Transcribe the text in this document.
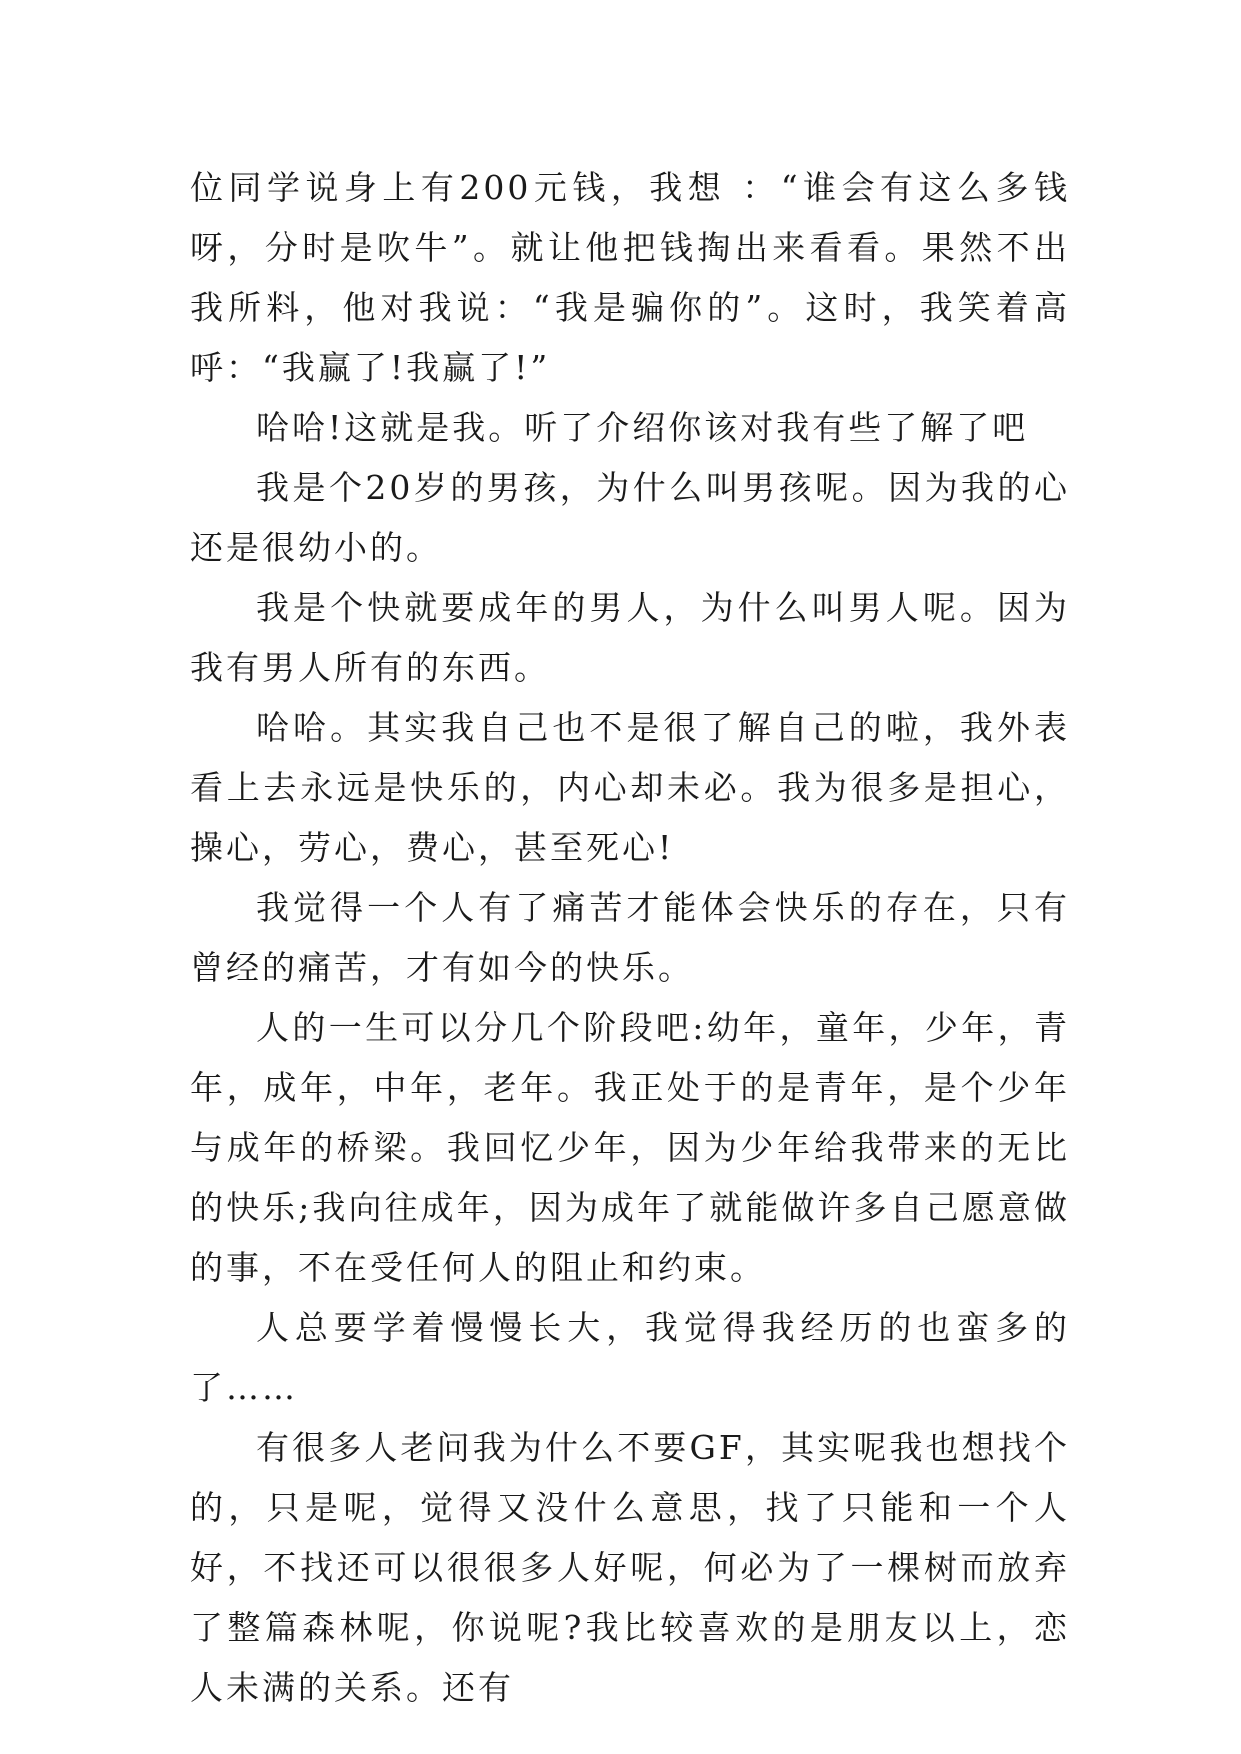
位同学说身上有200元钱，我想 ：“谁会有这么多钱呀，分时是吹牛”。就让他把钱掏出来看看。果然不出我所料，他对我说：“我是骗你的”。这时，我笑着高呼：“我赢了!我赢了!”

哈哈!这就是我。听了介绍你该对我有些了解了吧

我是个20岁的男孩，为什么叫男孩呢。因为我的心还是很幼小的。

我是个快就要成年的男人，为什么叫男人呢。因为我有男人所有的东西。

哈哈。其实我自己也不是很了解自己的啦，我外表看上去永远是快乐的，内心却未必。我为很多是担心，操心，劳心，费心，甚至死心!

我觉得一个人有了痛苦才能体会快乐的存在，只有曾经的痛苦，才有如今的快乐。

人的一生可以分几个阶段吧:幼年，童年，少年，青年，成年，中年，老年。我正处于的是青年，是个少年与成年的桥梁。我回忆少年，因为少年给我带来的无比的快乐;我向往成年，因为成年了就能做许多自己愿意做的事，不在受任何人的阻止和约束。

人总要学着慢慢长大，我觉得我经历的也蛮多的了……

有很多人老问我为什么不要GF，其实呢我也想找个的，只是呢，觉得又没什么意思，找了只能和一个人好，不找还可以很很多人好呢，何必为了一棵树而放弃了整篇森林呢，你说呢?我比较喜欢的是朋友以上，恋人未满的关系。还有
